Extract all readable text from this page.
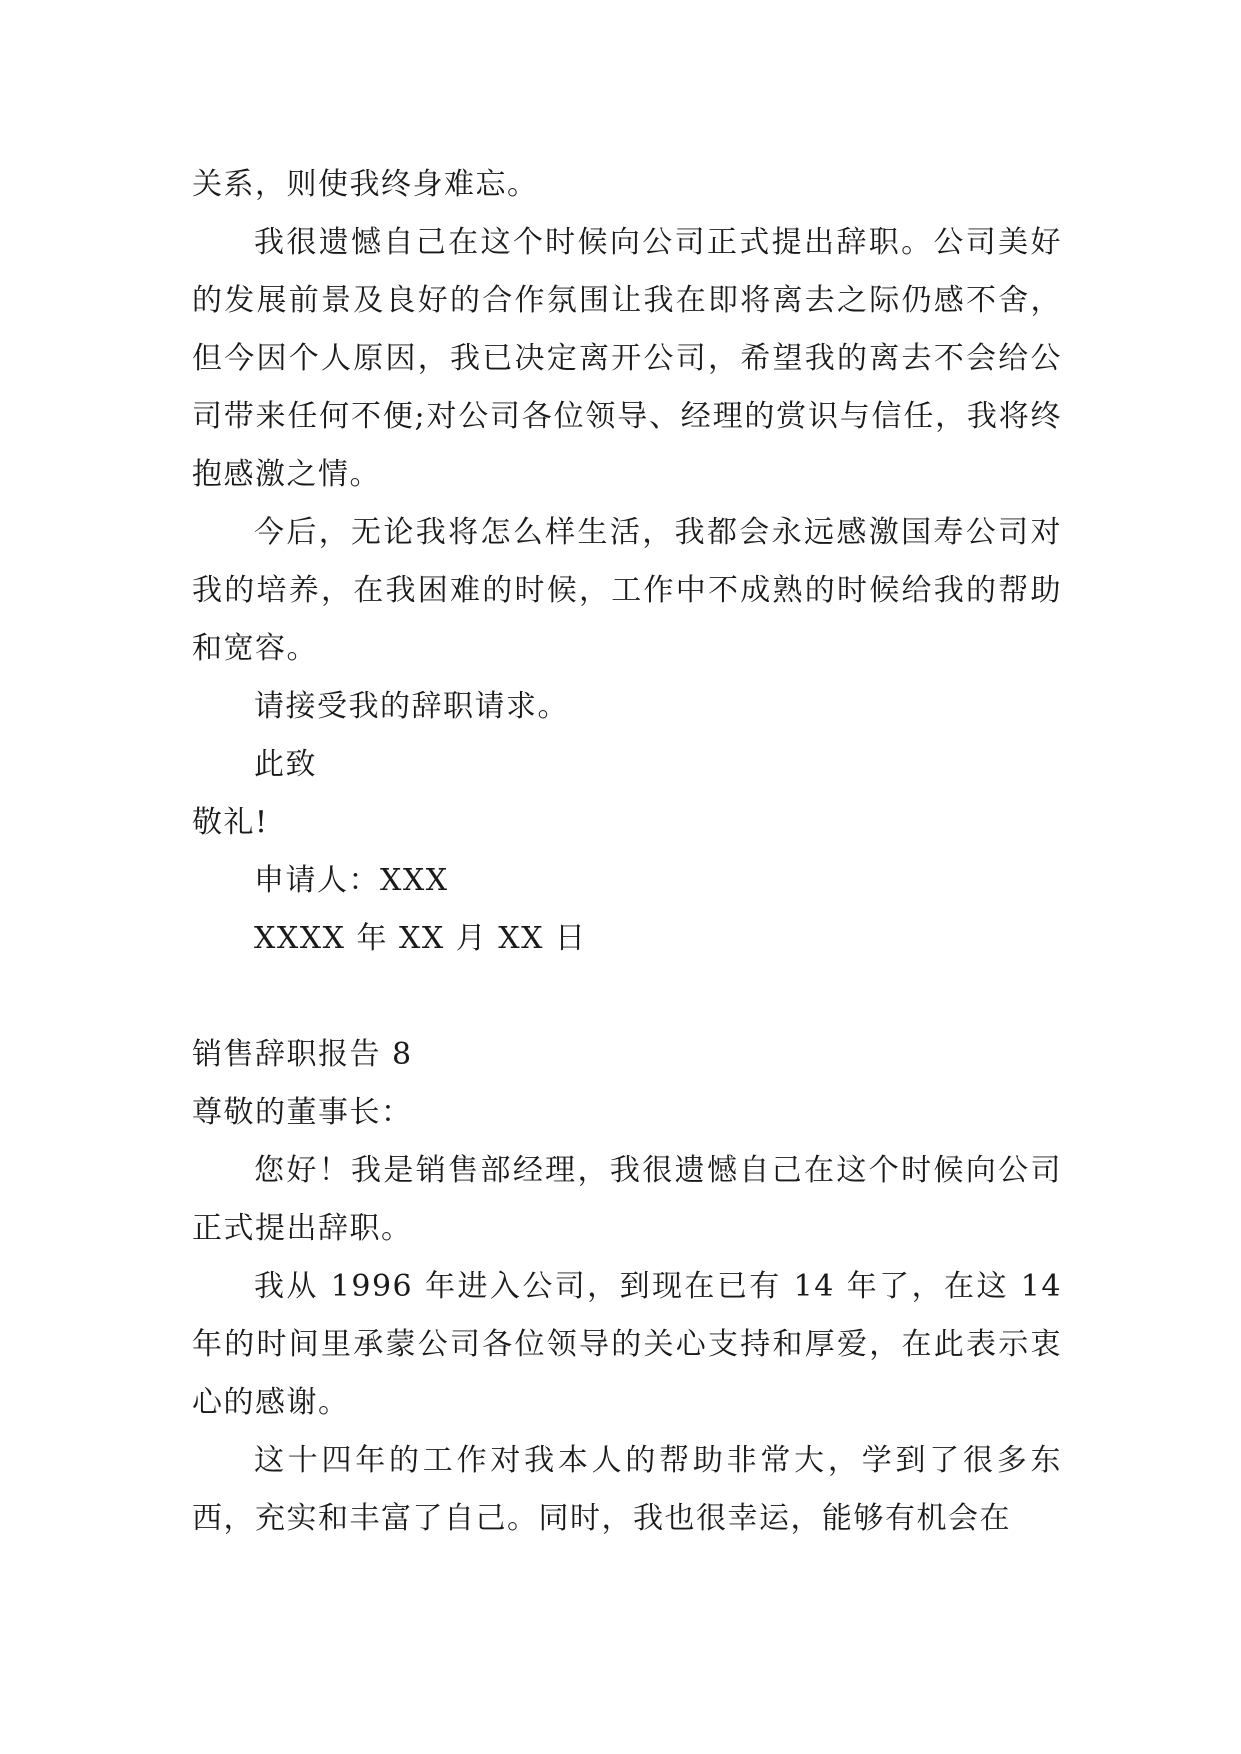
关系，则使我终身难忘。

我很遗憾自己在这个时候向公司正式提出辞职。公司美好的发展前景及良好的合作氛围让我在即将离去之际仍感不舍，但今因个人原因，我已决定离开公司，希望我的离去不会给公司带来任何不便;对公司各位领导、经理的赏识与信任，我将终抱感激之情。

今后，无论我将怎么样生活，我都会永远感激国寿公司对我的培养，在我困难的时候，工作中不成熟的时候给我的帮助和宽容。

请接受我的辞职请求。

此致

敬礼!

申请人：XXX

XXXX 年 XX 月 XX 日

销售辞职报告 8

尊敬的董事长：

您好！我是销售部经理，我很遗憾自己在这个时候向公司正式提出辞职。

我从 1996 年进入公司，到现在已有 14 年了，在这 14 年的时间里承蒙公司各位领导的关心支持和厚爱，在此表示衷心的感谢。

这十四年的工作对我本人的帮助非常大，学到了很多东西，充实和丰富了自己。同时，我也很幸运，能够有机会在
